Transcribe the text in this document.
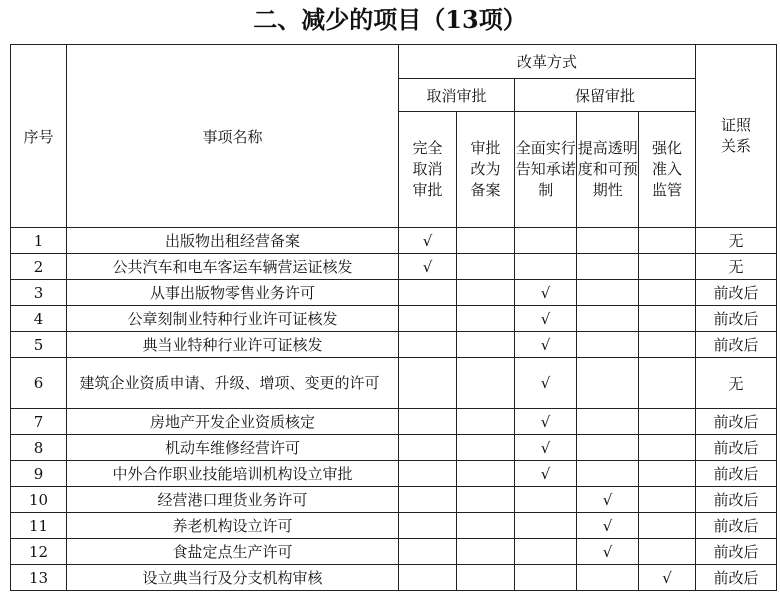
二、减少的项目（13项）
序号	事项名称	改革方式					证照关系

		取消审批		保留审批			

		完全取消审批	审批改为备案	全面实行告知承诺制	提高透明度和可预期性	强化准入监管	

1	出版物出租经营备案	√					无
2	公共汽车和电车客运车辆营运证核发	√					无
3	从事出版物零售业务许可			√			前改后
4	公章刻制业特种行业许可证核发			√			前改后
5	典当业特种行业许可证核发			√			前改后
6	建筑企业资质申请、升级、增项、变更的许可			√			无
7	房地产开发企业资质核定			√			前改后
8	机动车维修经营许可			√			前改后
9	中外合作职业技能培训机构设立审批			√			前改后
10	经营港口理货业务许可				√		前改后
11	养老机构设立许可				√		前改后
12	食盐定点生产许可				√		前改后
13	设立典当行及分支机构审核					√	前改后
